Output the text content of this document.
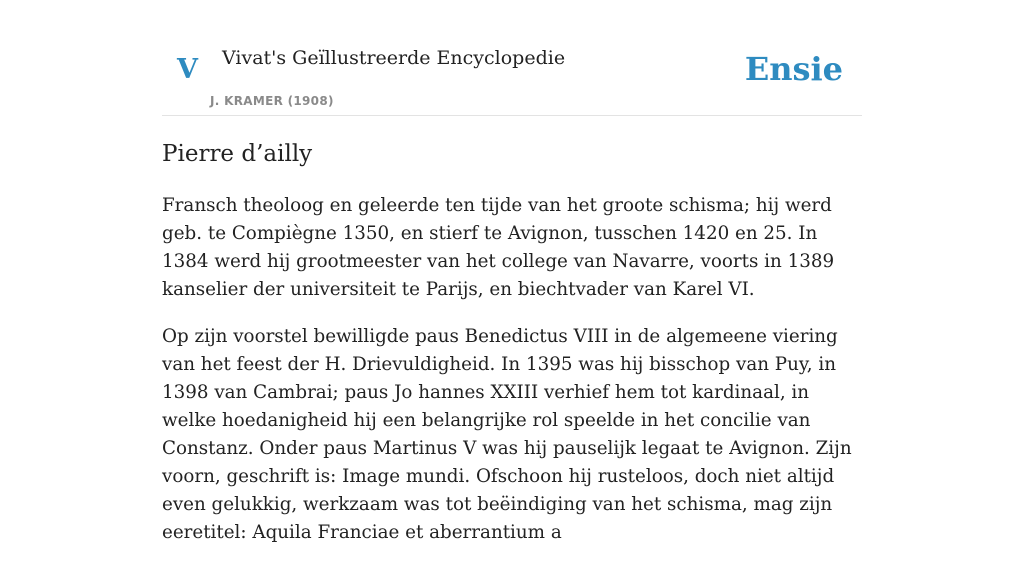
V Vivat's Geïllustreerde Encyclopedie
J. KRAMER (1908)
Ensie
Pierre d’ailly

Fransch theoloog en geleerde ten tijde van het groote schisma; hij werd geb. te Compiègne 1350, en stierf te Avignon, tusschen 1420 en 25. In 1384 werd hij grootmeester van het college van Navarre, voorts in 1389 kanselier der universiteit te Parijs, en biechtvader van Karel VI.

Op zijn voorstel bewilligde paus Benedictus VIII in de algemeene viering van het feest der H. Drievuldigheid. In 1395 was hij bisschop van Puy, in 1398 van Cambrai; paus Jo hannes XXIII verhief hem tot kardinaal, in welke hoedanigheid hij een belangrijke rol speelde in het concilie van Constanz. Onder paus Martinus V was hij pauselijk legaat te Avignon. Zijn voorn, geschrift is: Image mundi. Ofschoon hij rusteloos, doch niet altijd even gelukkig, werkzaam was tot beëindiging van het schisma, mag zijn eeretitel: Aquila Franciae et aberrantium a
